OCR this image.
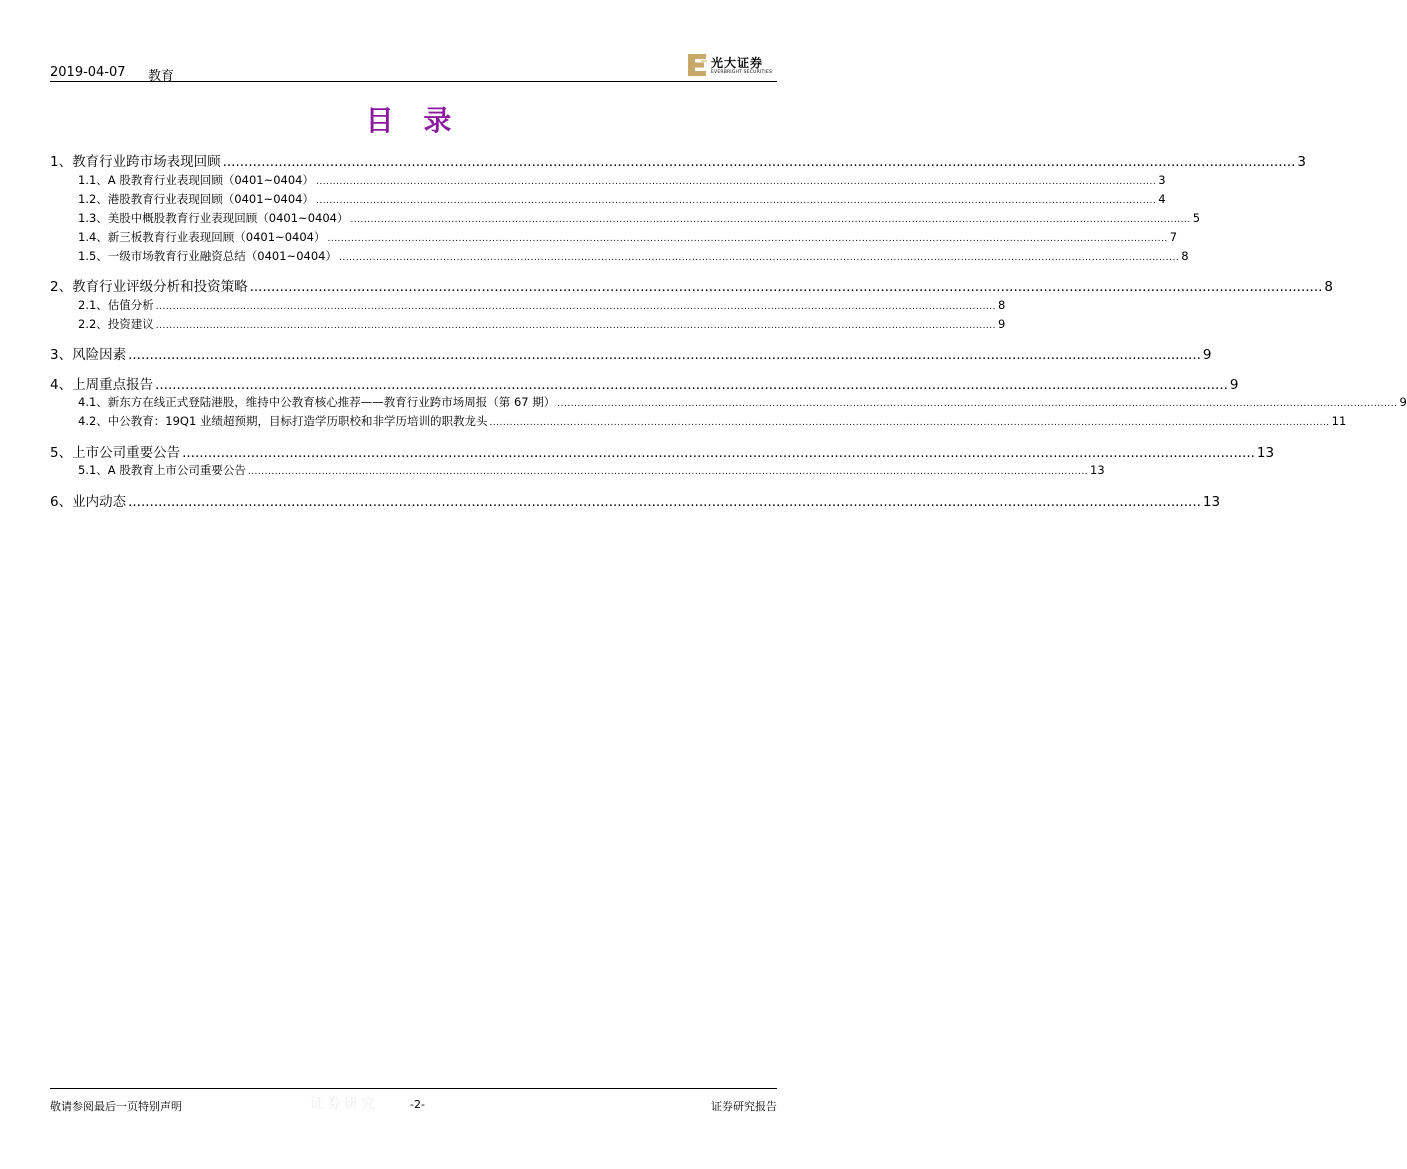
2019-04-07 教育
光大证券
EVERBRIGHT SECURITIES
目 录
1、 教育行业跨市场表现回顾 .....	3
1.1、 A 股教育行业表现回顾（0401~0404） .....	3
1.2、 港股教育行业表现回顾（0401~0404） .....	4
1.3、 美股中概股教育行业表现回顾（0401~0404） .....	5
1.4、 新三板教育行业表现回顾（0401~0404） .....	7
1.5、 一级市场教育行业融资总结（0401~0404） .....	8
2、 教育行业评级分析和投资策略 .....	8
2.1、 估值分析 .....	8
2.2、 投资建议 .....	9
3、 风险因素 .....	9
4、 上周重点报告 .....	9
4.1、 新东方在线正式登陆港股，维持中公教育核心推荐——教育行业跨市场周报（第 67 期） .....	9
4.2、 中公教育：19Q1 业绩超预期，目标打造学历职校和非学历培训的职教龙头 .....	11
5、 上市公司重要公告 .....	13
5.1、 A 股教育上市公司重要公告 .....	13
6、 业内动态 .....	13
敬请参阅最后一页特别声明	证券研究	-2-	证券研究报告
